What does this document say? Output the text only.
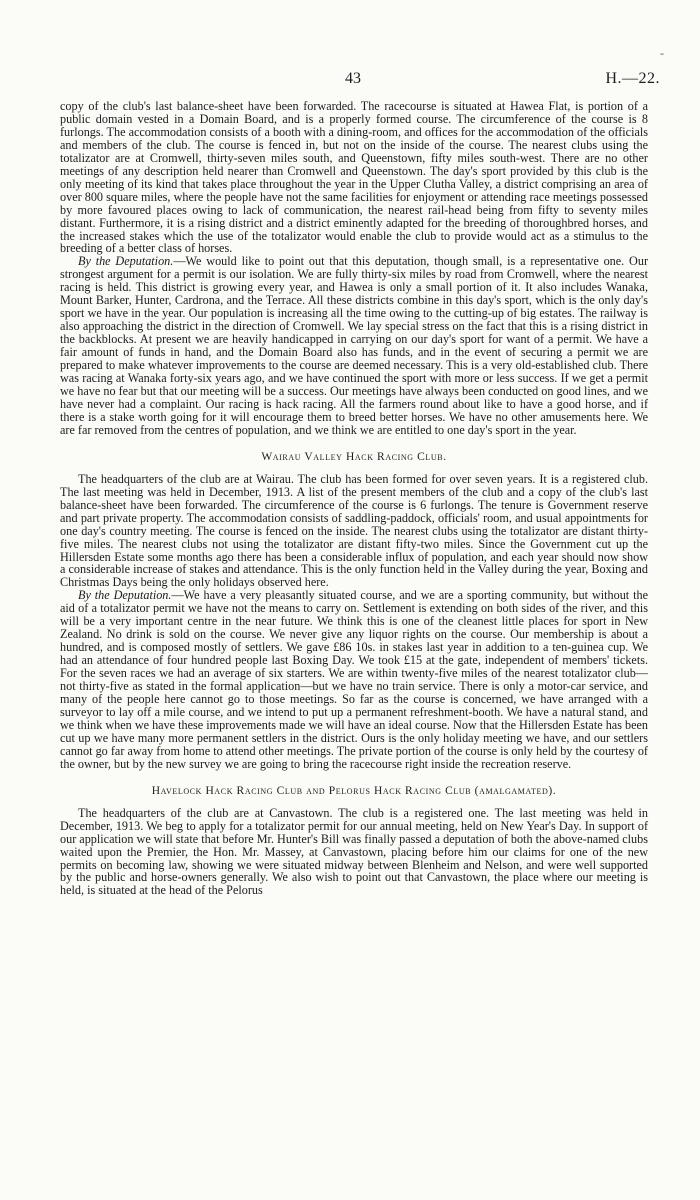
-
43	H.—22.

copy of the club's last balance-sheet have been forwarded. The racecourse is situated at Hawea Flat, is portion of a public domain vested in a Domain Board, and is a properly formed course. The circumference of the course is 8 furlongs. The accommodation consists of a booth with a dining-room, and offices for the accommodation of the officials and members of the club. The course is fenced in, but not on the inside of the course. The nearest clubs using the totalizator are at Cromwell, thirty-seven miles south, and Queenstown, fifty miles south-west. There are no other meetings of any description held nearer than Cromwell and Queenstown. The day's sport provided by this club is the only meeting of its kind that takes place throughout the year in the Upper Clutha Valley, a district comprising an area of over 800 square miles, where the people have not the same facilities for enjoyment or attending race meetings possessed by more favoured places owing to lack of communication, the nearest rail-head being from fifty to seventy miles distant. Furthermore, it is a rising district and a district eminently adapted for the breeding of thoroughbred horses, and the increased stakes which the use of the totalizator would enable the club to provide would act as a stimulus to the breeding of a better class of horses.

By the Deputation.—We would like to point out that this deputation, though small, is a representative one. Our strongest argument for a permit is our isolation. We are fully thirty-six miles by road from Cromwell, where the nearest racing is held. This district is growing every year, and Hawea is only a small portion of it. It also includes Wanaka, Mount Barker, Hunter, Cardrona, and the Terrace. All these districts combine in this day's sport, which is the only day's sport we have in the year. Our population is increasing all the time owing to the cutting-up of big estates. The railway is also approaching the district in the direction of Cromwell. We lay special stress on the fact that this is a rising district in the backblocks. At present we are heavily handicapped in carrying on our day's sport for want of a permit. We have a fair amount of funds in hand, and the Domain Board also has funds, and in the event of securing a permit we are prepared to make whatever improvements to the course are deemed necessary. This is a very old-established club. There was racing at Wanaka forty-six years ago, and we have continued the sport with more or less success. If we get a permit we have no fear but that our meeting will be a success. Our meetings have always been conducted on good lines, and we have never had a complaint. Our racing is hack racing. All the farmers round about like to have a good horse, and if there is a stake worth going for it will encourage them to breed better horses. We have no other amusements here. We are far removed from the centres of population, and we think we are entitled to one day's sport in the year.

Wairau Valley Hack Racing Club.

The headquarters of the club are at Wairau. The club has been formed for over seven years. It is a registered club. The last meeting was held in December, 1913. A list of the present members of the club and a copy of the club's last balance-sheet have been forwarded. The circumference of the course is 6 furlongs. The tenure is Government reserve and part private property. The accommodation consists of saddling-paddock, officials' room, and usual appointments for one day's country meeting. The course is fenced on the inside. The nearest clubs using the totalizator are distant thirty-five miles. The nearest clubs not using the totalizator are distant fifty-two miles. Since the Government cut up the Hillersden Estate some months ago there has been a considerable influx of population, and each year should now show a considerable increase of stakes and attendance. This is the only function held in the Valley during the year, Boxing and Christmas Days being the only holidays observed here.

By the Deputation.—We have a very pleasantly situated course, and we are a sporting community, but without the aid of a totalizator permit we have not the means to carry on. Settlement is extending on both sides of the river, and this will be a very important centre in the near future. We think this is one of the cleanest little places for sport in New Zealand. No drink is sold on the course. We never give any liquor rights on the course. Our membership is about a hundred, and is composed mostly of settlers. We gave £86 10s. in stakes last year in addition to a ten-guinea cup. We had an attendance of four hundred people last Boxing Day. We took £15 at the gate, independent of members' tickets. For the seven races we had an average of six starters. We are within twenty-five miles of the nearest totalizator club—not thirty-five as stated in the formal application—but we have no train service. There is only a motor-car service, and many of the people here cannot go to those meetings. So far as the course is concerned, we have arranged with a surveyor to lay off a mile course, and we intend to put up a permanent refreshment-booth. We have a natural stand, and we think when we have these improvements made we will have an ideal course. Now that the Hillersden Estate has been cut up we have many more permanent settlers in the district. Ours is the only holiday meeting we have, and our settlers cannot go far away from home to attend other meetings. The private portion of the course is only held by the courtesy of the owner, but by the new survey we are going to bring the racecourse right inside the recreation reserve.

Havelock Hack Racing Club and Pelorus Hack Racing Club (amalgamated).

The headquarters of the club are at Canvastown. The club is a registered one. The last meeting was held in December, 1913. We beg to apply for a totalizator permit for our annual meeting, held on New Year's Day. In support of our application we will state that before Mr. Hunter's Bill was finally passed a deputation of both the above-named clubs waited upon the Premier, the Hon. Mr. Massey, at Canvastown, placing before him our claims for one of the new permits on becoming law, showing we were situated midway between Blenheim and Nelson, and were well supported by the public and horse-owners generally. We also wish to point out that Canvastown, the place where our meeting is held, is situated at the head of the Pelorus
